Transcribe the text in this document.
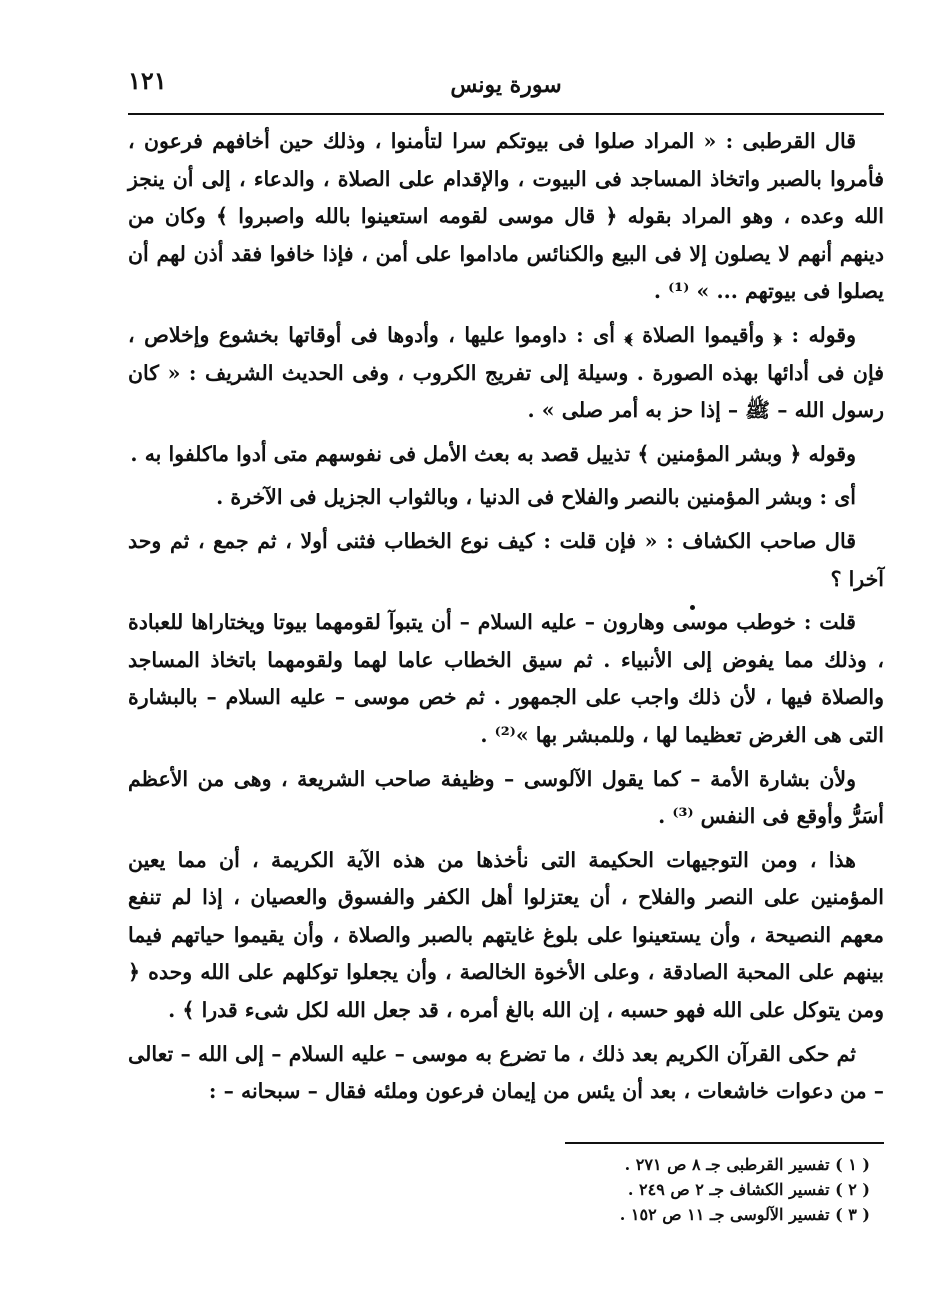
سورة يونس
١٢١

قال القرطبى : « المراد صلوا فى بيوتكم سرا لتأمنوا ، وذلك حين أخافهم فرعون ، فأمروا بالصبر واتخاذ المساجد فى البيوت ، والإقدام على الصلاة ، والدعاء ، إلى أن ينجز الله وعده ، وهو المراد بقوله ﴿ قال موسى لقومه استعينوا بالله واصبروا ﴾ وكان من دينهم أنهم لا يصلون إلا فى البيع والكنائس ماداموا على أمن ، فإذا خافوا فقد أذن لهم أن يصلوا فى بيوتهم ... » ⁽¹⁾ .

وقوله : ﴿ وأقيموا الصلاة ﴾ أى : داوموا عليها ، وأدوها فى أوقاتها بخشوع وإخلاص ، فإن فى أدائها بهذه الصورة . وسيلة إلى تفريج الكروب ، وفى الحديث الشريف : « كان رسول الله – ﷺ – إذا حز به أمر صلى » .

وقوله ﴿ وبشر المؤمنين ﴾ تذييل قصد به بعث الأمل فى نفوسهم متى أدوا ماكلفوا به .

أى : وبشر المؤمنين بالنصر والفلاح فى الدنيا ، وبالثواب الجزيل فى الآخرة .

قال صاحب الكشاف : « فإن قلت : كيف نوع الخطاب فثنى أولا ، ثم جمع ، ثم وحد آخرا ؟

قلت : خوطب موسى وهارون – عليه السلام – أن يتبوآ لقومهما بيوتا ويختاراها للعبادة ، وذلك مما يفوض إلى الأنبياء . ثم سيق الخطاب عاما لهما ولقومهما باتخاذ المساجد والصلاة فيها ، لأن ذلك واجب على الجمهور . ثم خص موسى – عليه السلام – بالبشارة التى هى الغرض تعظيما لها ، وللمبشر بها »⁽²⁾ .

ولأن بشارة الأمة – كما يقول الآلوسى – وظيفة صاحب الشريعة ، وهى من الأعظم أسَرُّ وأوقع فى النفس ⁽³⁾ .

هذا ، ومن التوجيهات الحكيمة التى نأخذها من هذه الآية الكريمة ، أن مما يعين المؤمنين على النصر والفلاح ، أن يعتزلوا أهل الكفر والفسوق والعصيان ، إذا لم تنفع معهم النصيحة ، وأن يستعينوا على بلوغ غايتهم بالصبر والصلاة ، وأن يقيموا حياتهم فيما بينهم على المحبة الصادقة ، وعلى الأخوة الخالصة ، وأن يجعلوا توكلهم على الله وحده ﴿ ومن يتوكل على الله فهو حسبه ، إن الله بالغ أمره ، قد جعل الله لكل شىء قدرا ﴾ .

ثم حكى القرآن الكريم بعد ذلك ، ما تضرع به موسى – عليه السلام – إلى الله – تعالى – من دعوات خاشعات ، بعد أن يئس من إيمان فرعون وملئه فقال – سبحانه – :

( ١ ) تفسير القرطبى جـ ٨ ص ٢٧١ .
( ٢ ) تفسير الكشاف جـ ٢ ص ٢٤٩ .
( ٣ ) تفسير الآلوسى جـ ١١ ص ١٥٢ .
